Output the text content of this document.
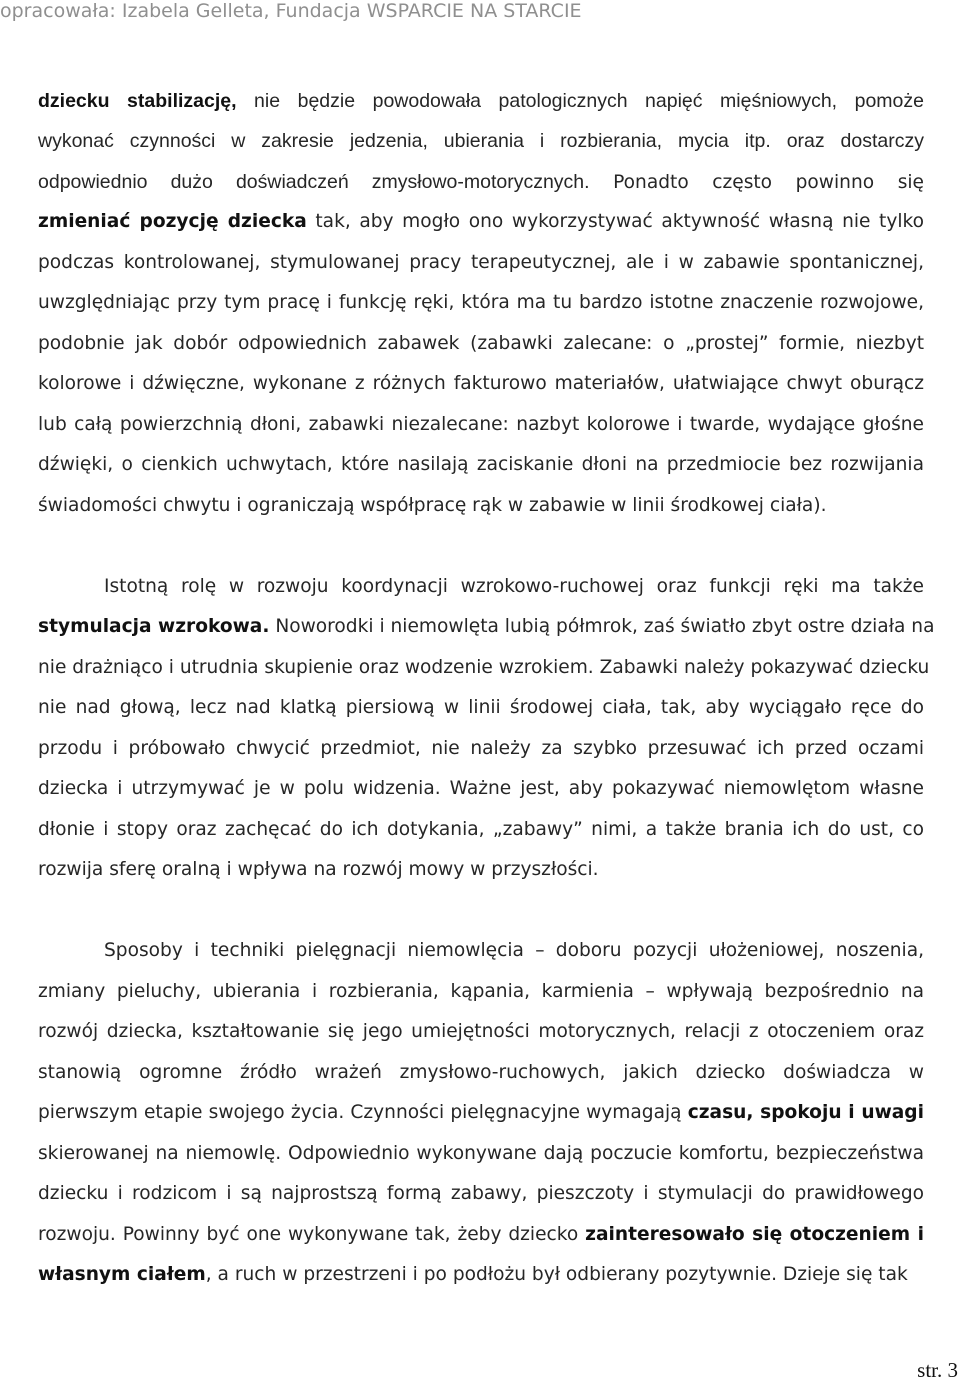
opracowała: Izabela Gelleta, Fundacja WSPARCIE NA STARCIE
dziecku stabilizację, nie będzie powodowała patologicznych napięć mięśniowych, pomoże
wykonać czynności w zakresie jedzenia, ubierania i rozbierania, mycia itp. oraz dostarczy
odpowiednio dużo doświadczeń zmysłowo-motorycznych. Ponadto często powinno się
zmieniać pozycję dziecka tak, aby mogło ono wykorzystywać aktywność własną nie tylko
podczas kontrolowanej, stymulowanej pracy terapeutycznej, ale i w zabawie spontanicznej,
uwzględniając przy tym pracę i funkcję ręki, która ma tu bardzo istotne znaczenie rozwojowe,
podobnie jak dobór odpowiednich zabawek (zabawki zalecane: o „prostej” formie, niezbyt
kolorowe i dźwięczne, wykonane z różnych fakturowo materiałów, ułatwiające chwyt oburącz
lub całą powierzchnią dłoni, zabawki niezalecane: nazbyt kolorowe i twarde, wydające głośne
dźwięki, o cienkich uchwytach, które nasilają zaciskanie dłoni na przedmiocie bez rozwijania
świadomości chwytu i ograniczają współpracę rąk w zabawie w linii środkowej ciała).
Istotną rolę w rozwoju koordynacji wzrokowo-ruchowej oraz funkcji ręki ma także
stymulacja wzrokowa. Noworodki i niemowlęta lubią półmrok, zaś światło zbyt ostre działa na
nie drażniąco i utrudnia skupienie oraz wodzenie wzrokiem. Zabawki należy pokazywać dziecku
nie nad głową, lecz nad klatką piersiową w linii środowej ciała, tak, aby wyciągało ręce do
przodu i próbowało chwycić przedmiot, nie należy za szybko przesuwać ich przed oczami
dziecka i utrzymywać je w polu widzenia. Ważne jest, aby pokazywać niemowlętom własne
dłonie i stopy oraz zachęcać do ich dotykania, „zabawy” nimi, a także brania ich do ust, co
rozwija sferę oralną i wpływa na rozwój mowy w przyszłości.
Sposoby i techniki pielęgnacji niemowlęcia – doboru pozycji ułożeniowej, noszenia,
zmiany pieluchy, ubierania i rozbierania, kąpania, karmienia – wpływają bezpośrednio na
rozwój dziecka, kształtowanie się jego umiejętności motorycznych, relacji z otoczeniem oraz
stanowią ogromne źródło wrażeń zmysłowo-ruchowych, jakich dziecko doświadcza w
pierwszym etapie swojego życia. Czynności pielęgnacyjne wymagają czasu, spokoju i uwagi
skierowanej na niemowlę. Odpowiednio wykonywane dają poczucie komfortu, bezpieczeństwa
dziecku i rodzicom i są najprostszą formą zabawy, pieszczoty i stymulacji do prawidłowego
rozwoju. Powinny być one wykonywane tak, żeby dziecko zainteresowało się otoczeniem i
własnym ciałem, a ruch w przestrzeni i po podłożu był odbierany pozytywnie. Dzieje się tak
str. 3
